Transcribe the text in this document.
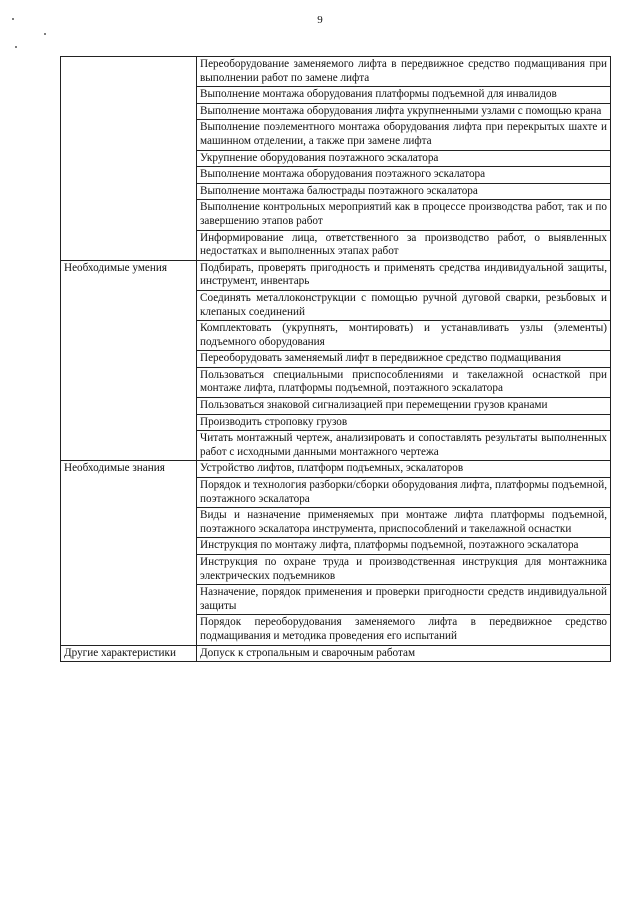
9
	Переоборудование заменяемого лифта в передвижное средство подмащивания при выполнении работ по замене лифта
	Выполнение монтажа оборудования платформы подъемной для инвалидов
	Выполнение монтажа оборудования лифта укрупненными узлами с помощью крана
	Выполнение поэлементного монтажа оборудования лифта при перекрытых шахте и машинном отделении, а также при замене лифта
	Укрупнение оборудования поэтажного эскалатора
	Выполнение монтажа оборудования поэтажного эскалатора
	Выполнение монтажа балюстрады поэтажного эскалатора
	Выполнение контрольных мероприятий как в процессе производства работ, так и по завершению этапов работ
	Информирование лица, ответственного за производство работ, о выявленных недостатках и выполненных этапах работ
Необходимые умения	Подбирать, проверять пригодность и применять средства индивидуальной защиты, инструмент, инвентарь
	Соединять металлоконструкции с помощью ручной дуговой сварки, резьбовых и клепаных соединений
	Комплектовать (укрупнять, монтировать) и устанавливать узлы (элементы) подъемного оборудования
	Переоборудовать заменяемый лифт в передвижное средство подмащивания
	Пользоваться специальными приспособлениями и такелажной оснасткой при монтаже лифта, платформы подъемной, поэтажного эскалатора
	Пользоваться знаковой сигнализацией при перемещении грузов кранами
	Производить строповку грузов
	Читать монтажный чертеж, анализировать и сопоставлять результаты выполненных работ с исходными данными монтажного чертежа
Необходимые знания	Устройство лифтов, платформ подъемных, эскалаторов
	Порядок и технология разборки/сборки оборудования лифта, платформы подъемной, поэтажного эскалатора
	Виды и назначение применяемых при монтаже лифта платформы подъемной, поэтажного эскалатора инструмента, приспособлений и такелажной оснастки
	Инструкция по монтажу лифта, платформы подъемной, поэтажного эскалатора
	Инструкция по охране труда и производственная инструкция для монтажника электрических подъемников
	Назначение, порядок применения и проверки пригодности средств индивидуальной защиты
	Порядок переоборудования заменяемого лифта в передвижное средство подмащивания и методика проведения его испытаний
Другие характеристики	Допуск к стропальным и сварочным работам
